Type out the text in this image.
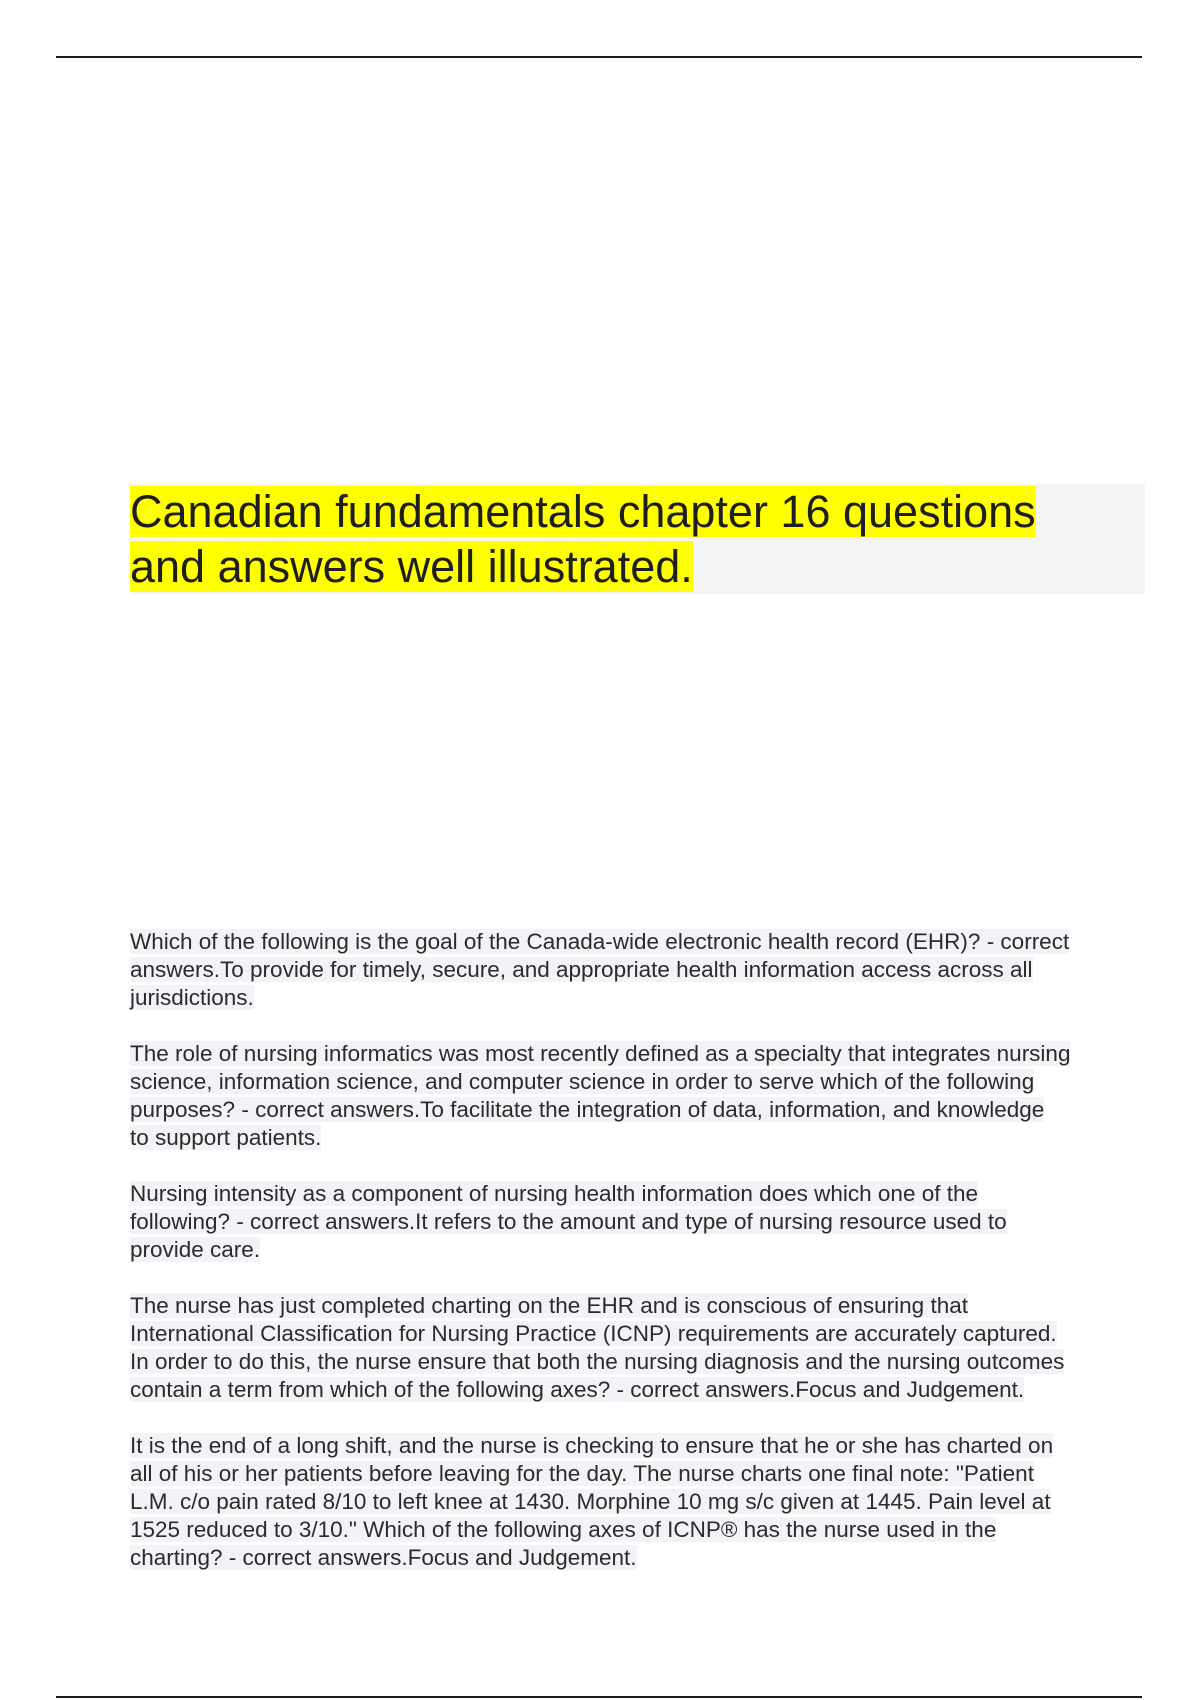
Canadian fundamentals chapter 16 questions

and answers well illustrated.

Which of the following is the goal of the Canada-wide electronic health record (EHR)? - correct
answers.To provide for timely, secure, and appropriate health information access across all
jurisdictions.

The role of nursing informatics was most recently defined as a specialty that integrates nursing
science, information science, and computer science in order to serve which of the following
purposes? - correct answers.To facilitate the integration of data, information, and knowledge
to support patients.

Nursing intensity as a component of nursing health information does which one of the
following? - correct answers.It refers to the amount and type of nursing resource used to
provide care.

The nurse has just completed charting on the EHR and is conscious of ensuring that
International Classification for Nursing Practice (ICNP) requirements are accurately captured.
In order to do this, the nurse ensure that both the nursing diagnosis and the nursing outcomes
contain a term from which of the following axes? - correct answers.Focus and Judgement.

It is the end of a long shift, and the nurse is checking to ensure that he or she has charted on
all of his or her patients before leaving for the day. The nurse charts one final note: "Patient
L.M. c/o pain rated 8/10 to left knee at 1430. Morphine 10 mg s/c given at 1445. Pain level at
1525 reduced to 3/10." Which of the following axes of ICNP® has the nurse used in the
charting? - correct answers.Focus and Judgement.
